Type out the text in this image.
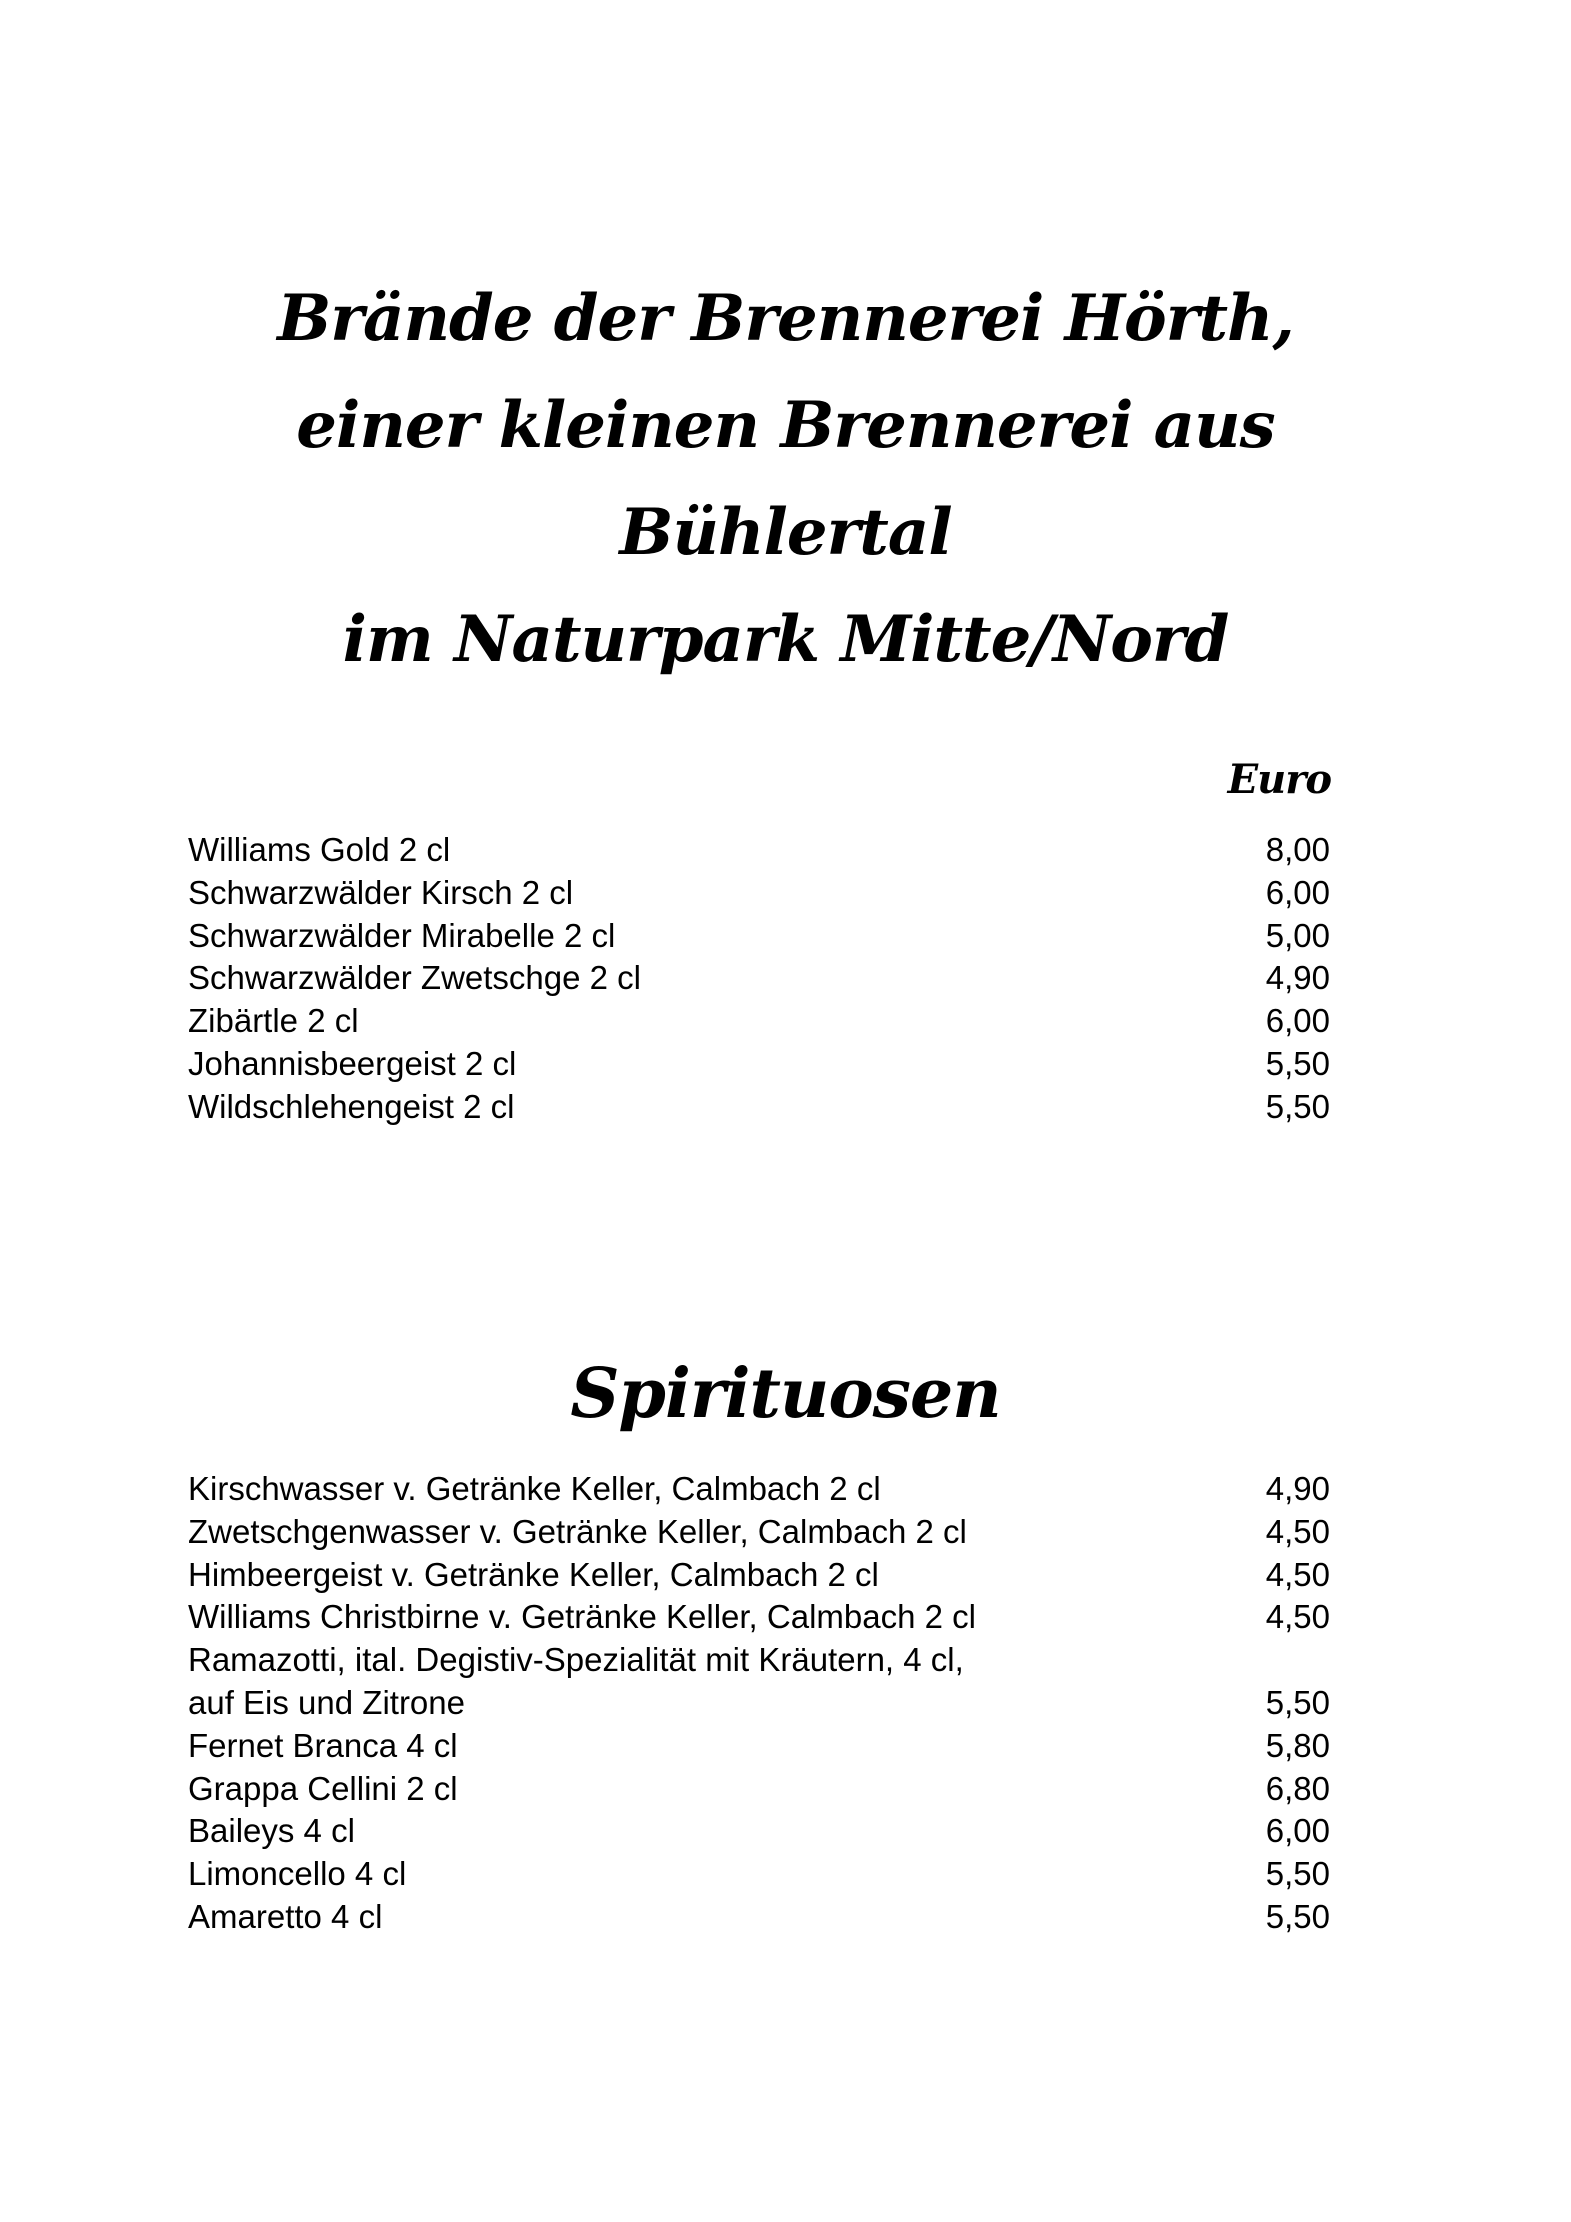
Brände der Brennerei Hörth,
einer kleinen Brennerei aus
Bühlertal
im Naturpark Mitte/Nord
Euro
Williams Gold 2 cl	8,00
Schwarzwälder Kirsch 2 cl	6,00
Schwarzwälder Mirabelle 2 cl	5,00
Schwarzwälder Zwetschge 2 cl	4,90
Zibärtle 2 cl	6,00
Johannisbeergeist 2 cl	5,50
Wildschlehengeist 2 cl	5,50
Spirituosen
Kirschwasser v. Getränke Keller, Calmbach 2 cl	4,90
Zwetschgenwasser v. Getränke Keller, Calmbach 2 cl	4,50
Himbeergeist v. Getränke Keller, Calmbach 2 cl	4,50
Williams Christbirne v. Getränke Keller, Calmbach 2 cl	4,50
Ramazotti, ital. Degistiv-Spezialität mit Kräutern, 4 cl,
auf Eis und Zitrone	5,50
Fernet Branca 4 cl	5,80
Grappa Cellini 2 cl	6,80
Baileys 4 cl	6,00
Limoncello 4 cl	5,50
Amaretto 4 cl	5,50
